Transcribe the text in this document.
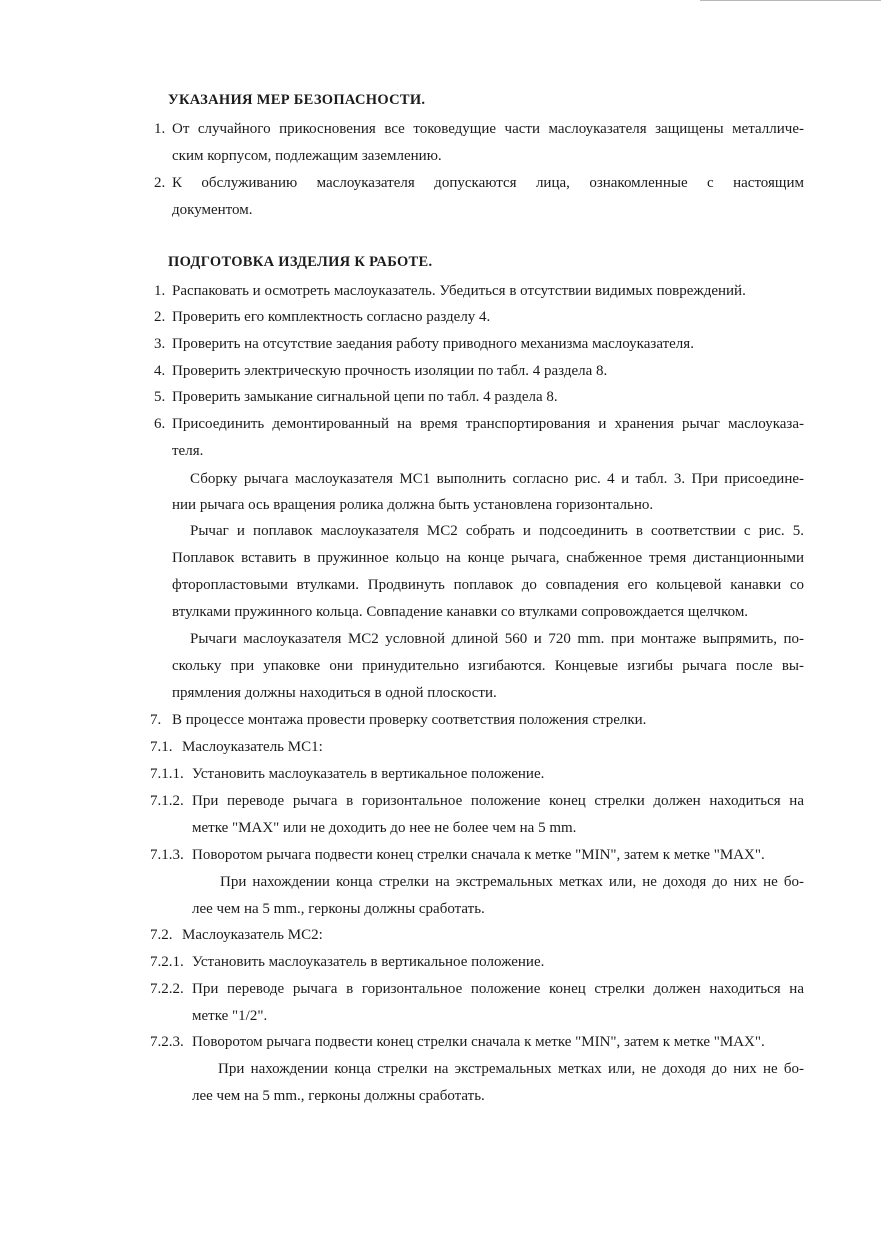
УКАЗАНИЯ МЕР БЕЗОПАСНОСТИ.
1. От случайного прикосновения все токоведущие части маслоуказателя защищены металличе-
ским корпусом, подлежащим заземлению.
2. К обслуживанию маслоуказателя допускаются лица, ознакомленные с настоящим
документом.
ПОДГОТОВКА ИЗДЕЛИЯ К РАБОТЕ.
1. Распаковать и осмотреть маслоуказатель. Убедиться в отсутствии видимых повреждений.
2. Проверить его комплектность согласно разделу 4.
3. Проверить на отсутствие заедания работу приводного механизма маслоуказателя.
4. Проверить электрическую прочность изоляции по табл. 4 раздела 8.
5. Проверить замыкание сигнальной цепи по табл. 4 раздела 8.
6. Присоединить демонтированный на время транспортирования и хранения рычаг маслоуказа-
теля.
Сборку рычага маслоуказателя МС1 выполнить согласно рис. 4 и табл. 3. При присоедине-
нии рычага ось вращения ролика должна быть установлена горизонтально.
Рычаг и поплавок маслоуказателя МС2 собрать и подсоединить в соответствии с рис. 5.
Поплавок вставить в пружинное кольцо на конце рычага, снабженное тремя дистанционными
фторопластовыми втулками. Продвинуть поплавок до совпадения его кольцевой канавки со
втулками пружинного кольца. Совпадение канавки со втулками сопровождается щелчком.
Рычаги маслоуказателя МС2 условной длиной 560 и 720 mm. при монтаже выпрямить, по-
скольку при упаковке они принудительно изгибаются. Концевые изгибы рычага после вы-
прямления должны находиться в одной плоскости.
7. В процессе монтажа провести проверку соответствия положения стрелки.
7.1. Маслоуказатель МС1:
7.1.1. Установить маслоуказатель в вертикальное положение.
7.1.2. При переводе рычага в горизонтальное положение конец стрелки должен находиться на
метке "MAX" или не доходить до нее не более чем на 5 mm.
7.1.3. Поворотом рычага подвести конец стрелки сначала к метке "MIN", затем к метке "MAX".
При нахождении конца стрелки на экстремальных метках или, не доходя до них не бо-
лее чем на 5 mm., герконы должны сработать.
7.2. Маслоуказатель МС2:
7.2.1. Установить маслоуказатель в вертикальное положение.
7.2.2. При переводе рычага в горизонтальное положение конец стрелки должен находиться на
метке "1/2".
7.2.3. Поворотом рычага подвести конец стрелки сначала к метке "MIN", затем к метке "MAX".
При нахождении конца стрелки на экстремальных метках или, не доходя до них не бо-
лее чем на 5 mm., герконы должны сработать.
